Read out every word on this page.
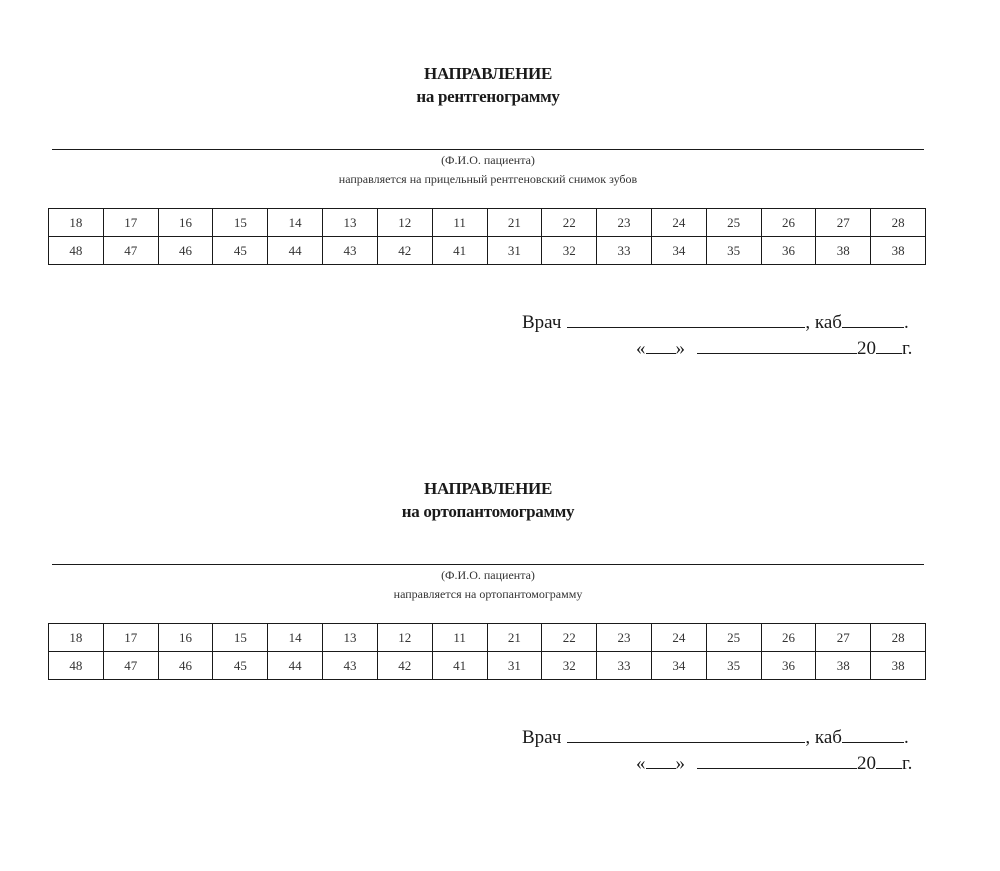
НАПРАВЛЕНИЕ
на рентгенограмму
(Ф.И.О. пациента)
направляется на прицельный рентгеновский снимок зубов
18	17	16	15	14	13	12	11	21	22	23	24	25	26	27	28
48	47	46	45	44	43	42	41	31	32	33	34	35	36	38	38
Врач	, каб	.
« »	20 г.
НАПРАВЛЕНИЕ
на ортопантомограмму
(Ф.И.О. пациента)
направляется на ортопантомограмму
18	17	16	15	14	13	12	11	21	22	23	24	25	26	27	28
48	47	46	45	44	43	42	41	31	32	33	34	35	36	38	38
Врач	, каб	.
« »	20 г.
